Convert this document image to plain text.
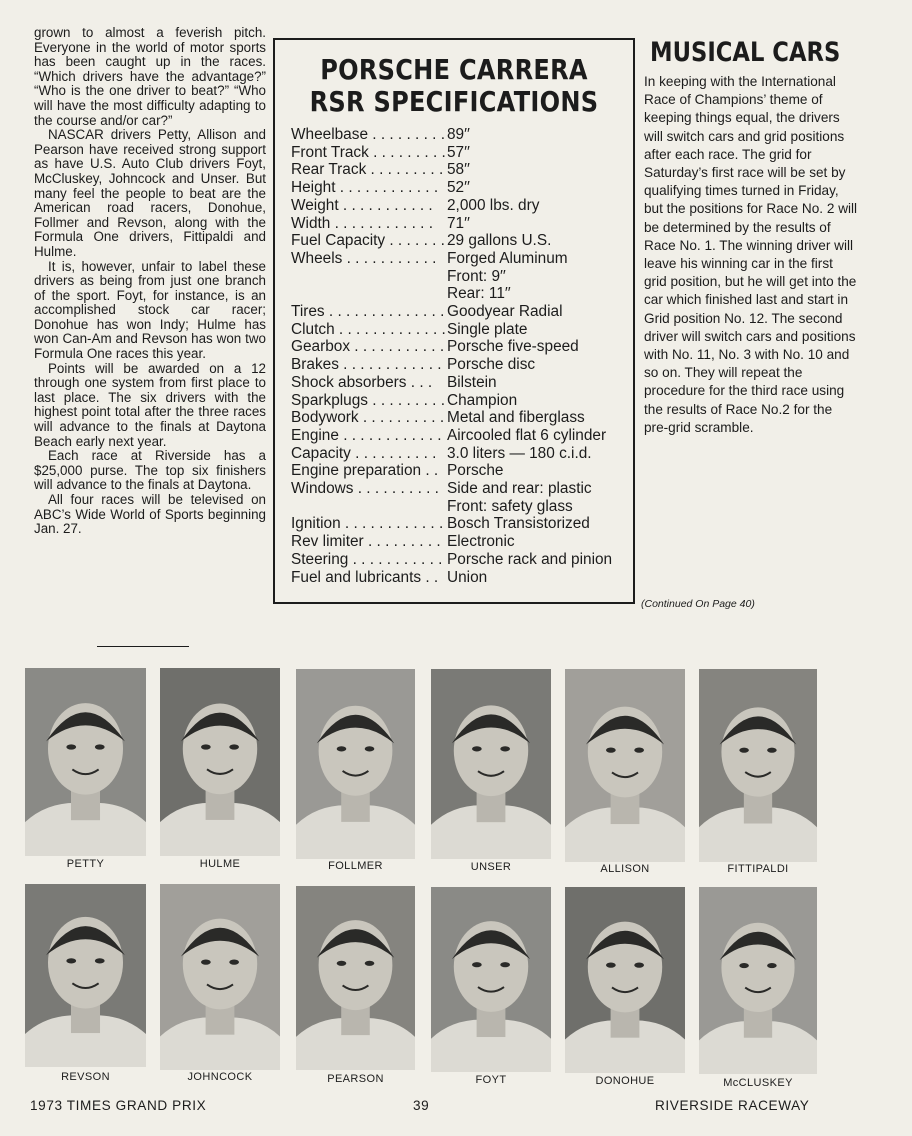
grown to almost a feverish pitch. Everyone in the world of motor sports has been caught up in the races. “Which drivers have the advantage?” “Who is the one driver to beat?” “Who will have the most difficulty adapting to the course and/or car?”

NASCAR drivers Petty, Allison and Pearson have received strong support as have U.S. Auto Club drivers Foyt, McCluskey, Johncock and Unser. But many feel the people to beat are the American road racers, Donohue, Follmer and Revson, along with the Formula One drivers, Fittipaldi and Hulme.

It is, however, unfair to label these drivers as being from just one branch of the sport. Foyt, for instance, is an accomplished stock car racer; Donohue has won Indy; Hulme has won Can-Am and Revson has won two Formula One races this year.

Points will be awarded on a 12 through one system from first place to last place. The six drivers with the highest point total after the three races will advance to the finals at Daytona Beach early next year.

Each race at Riverside has a $25,000 purse. The top six finishers will advance to the finals at Daytona.

All four races will be televised on ABC’s Wide World of Sports beginning Jan. 27.

PORSCHE CARRERA
RSR SPECIFICATIONS
Wheelbase . . . . . . . . . 89′′
Front Track . . . . . . . . . 57′′
Rear Track . . . . . . . . . 58′′
Height . . . . . . . . . . . . 52′′
Weight . . . . . . . . . . . 2,000 lbs. dry
Width . . . . . . . . . . . . 71′′
Fuel Capacity . . . . . . . 29 gallons U.S.
Wheels . . . . . . . . . . . Forged Aluminum
Front: 9′′
Rear: 11′′
Tires . . . . . . . . . . . . . . Goodyear Radial
Clutch . . . . . . . . . . . . . Single plate
Gearbox . . . . . . . . . . . Porsche five-speed
Brakes . . . . . . . . . . . . Porsche disc
Shock absorbers . . . Bilstein
Sparkplugs . . . . . . . . . Champion
Bodywork . . . . . . . . . . Metal and fiberglass
Engine . . . . . . . . . . . . Aircooled flat 6 cylinder
Capacity . . . . . . . . . . 3.0 liters — 180 c.i.d.
Engine preparation . . Porsche
Windows . . . . . . . . . . Side and rear: plastic
Front: safety glass
Ignition . . . . . . . . . . . . Bosch Transistorized
Rev limiter . . . . . . . . . Electronic
Steering . . . . . . . . . . . Porsche rack and pinion
Fuel and lubricants . . Union
MUSICAL CARS
In keeping with the International Race of Champions’ theme of keeping things equal, the drivers will switch cars and grid positions after each race. The grid for Saturday’s first race will be set by qualifying times turned in Friday, but the positions for Race No. 2 will be determined by the results of Race No. 1. The winning driver will leave his winning car in the first grid position, but he will get into the car which finished last and start in Grid position No. 12. The second driver will switch cars and positions with No. 11, No. 3 with No. 10 and so on. They will repeat the procedure for the third race using the results of Race No.2 for the pre-grid scramble.
(Continued On Page 40)
PETTY	HULME	FOLLMER	UNSER	ALLISON	FITTIPALDI
REVSON	JOHNCOCK	PEARSON	FOYT	DONOHUE	McCLUSKEY
1973 TIMES GRAND PRIX	39	RIVERSIDE RACEWAY
